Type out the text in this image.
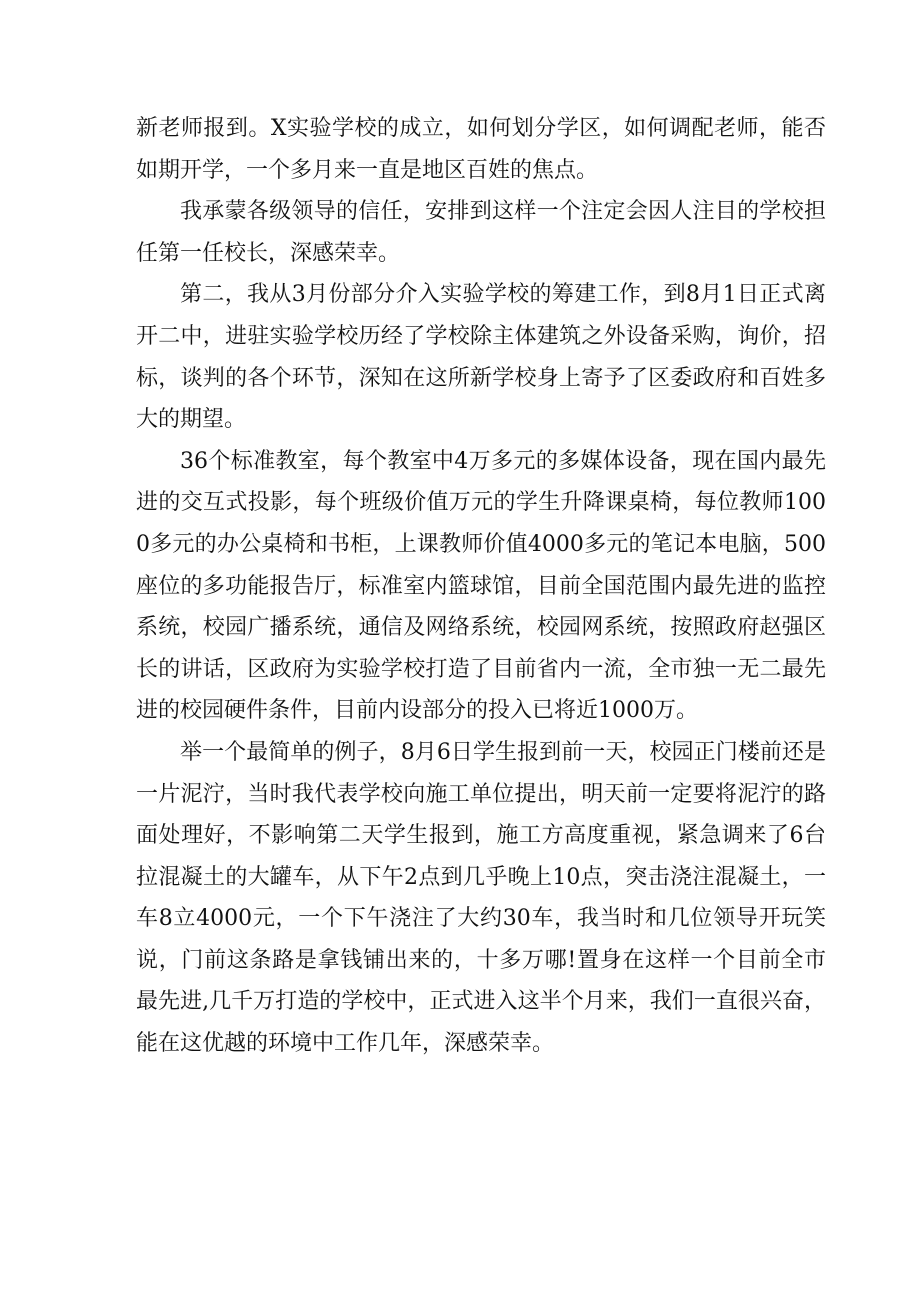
新老师报到。X实验学校的成立，如何划分学区，如何调配老师，能否如期开学，一个多月来一直是地区百姓的焦点。

我承蒙各级领导的信任，安排到这样一个注定会因人注目的学校担任第一任校长，深感荣幸。

第二，我从3月份部分介入实验学校的筹建工作，到8月1日正式离开二中，进驻实验学校历经了学校除主体建筑之外设备采购，询价，招标，谈判的各个环节，深知在这所新学校身上寄予了区委政府和百姓多大的期望。

36个标准教室，每个教室中4万多元的多媒体设备，现在国内最先进的交互式投影，每个班级价值万元的学生升降课桌椅，每位教师1000多元的办公桌椅和书柜，上课教师价值4000多元的笔记本电脑，500座位的多功能报告厅，标准室内篮球馆，目前全国范围内最先进的监控系统，校园广播系统，通信及网络系统，校园网系统，按照政府赵强区长的讲话，区政府为实验学校打造了目前省内一流，全市独一无二最先进的校园硬件条件，目前内设部分的投入已将近1000万。

举一个最简单的例子，8月6日学生报到前一天，校园正门楼前还是一片泥泞，当时我代表学校向施工单位提出，明天前一定要将泥泞的路面处理好，不影响第二天学生报到，施工方高度重视，紧急调来了6台拉混凝土的大罐车，从下午2点到几乎晚上10点，突击浇注混凝土，一车8立4000元，一个下午浇注了大约30车，我当时和几位领导开玩笑说，门前这条路是拿钱铺出来的，十多万哪!置身在这样一个目前全市最先进,几千万打造的学校中，正式进入这半个月来，我们一直很兴奋，能在这优越的环境中工作几年，深感荣幸。
